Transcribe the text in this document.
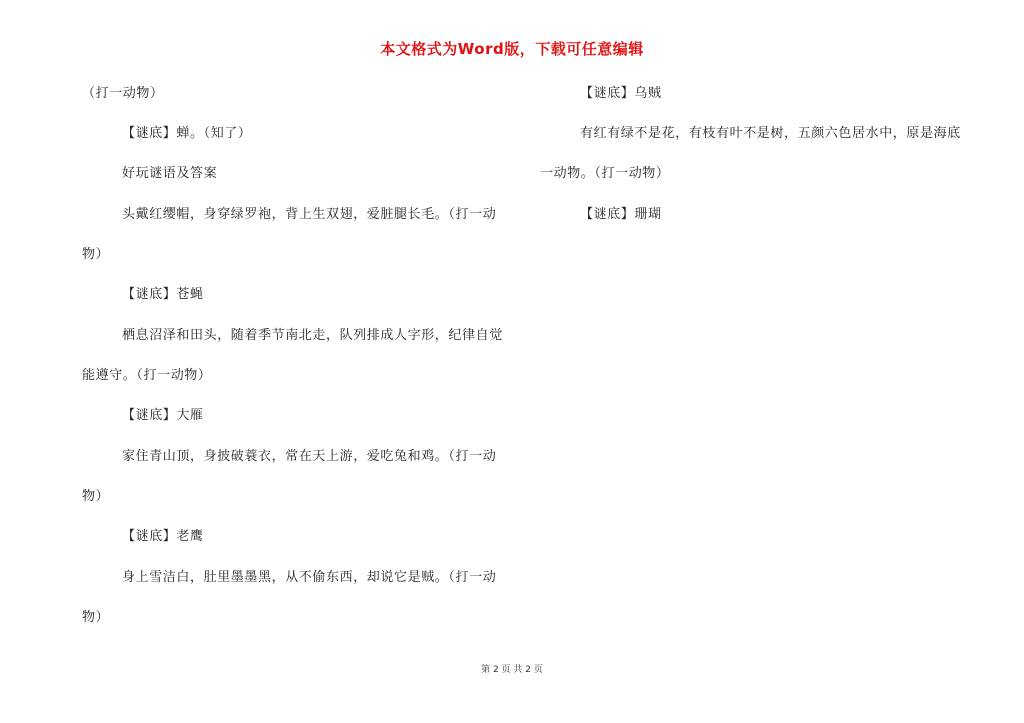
本文格式为Word版，下载可任意编辑
（打一动物）
【谜底】蝉。（知了）
好玩谜语及答案
头戴红缨帽，身穿绿罗袍，背上生双翅，爱脏腿长毛。（打一动
物）
【谜底】苍蝇
栖息沼泽和田头，随着季节南北走，队列排成人字形，纪律自觉
能遵守。（打一动物）
【谜底】大雁
家住青山顶，身披破蓑衣，常在天上游，爱吃兔和鸡。（打一动
物）
【谜底】老鹰
身上雪洁白，肚里墨墨黑，从不偷东西，却说它是贼。（打一动
物）
【谜底】乌贼
有红有绿不是花，有枝有叶不是树，五颜六色居水中，原是海底
一动物。（打一动物）
【谜底】珊瑚
第 2 页 共 2 页
